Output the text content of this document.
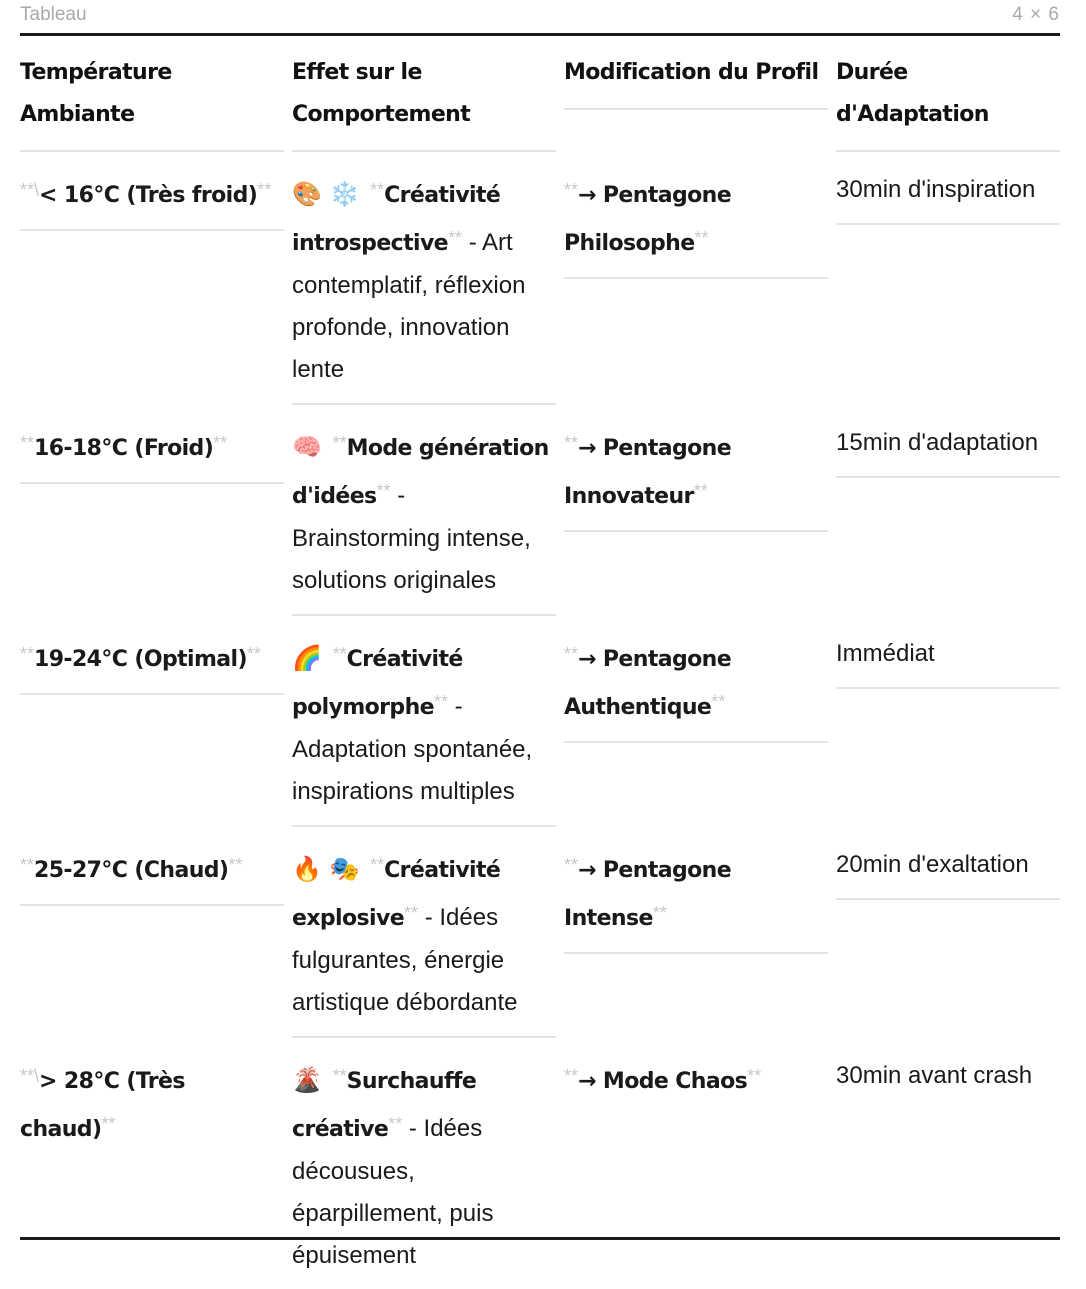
Tableau	4 × 6
Température Ambiante	Effet sur le Comportement	Modification du Profil	Durée d'Adaptation

**\< 16°C (Très froid)**	🎨 ❄️ **Créativité introspective** - Art contemplatif, réflexion profonde, innovation lente	**→ Pentagone Philosophe**	30min d'inspiration

**16-18°C (Froid)**	🧠 **Mode génération d'idées** - Brainstorming intense, solutions originales	**→ Pentagone Innovateur**	15min d'adaptation

**19-24°C (Optimal)**	🌈 **Créativité polymorphe** - Adaptation spontanée, inspirations multiples	**→ Pentagone Authentique**	Immédiat

**25-27°C (Chaud)**	🔥 🎭 **Créativité explosive** - Idées fulgurantes, énergie artistique débordante	**→ Pentagone Intense**	20min d'exaltation

**\> 28°C (Très chaud)**	🌋 **Surchauffe créative** - Idées décousues, éparpillement, puis épuisement	**→ Mode Chaos**	30min avant crash
